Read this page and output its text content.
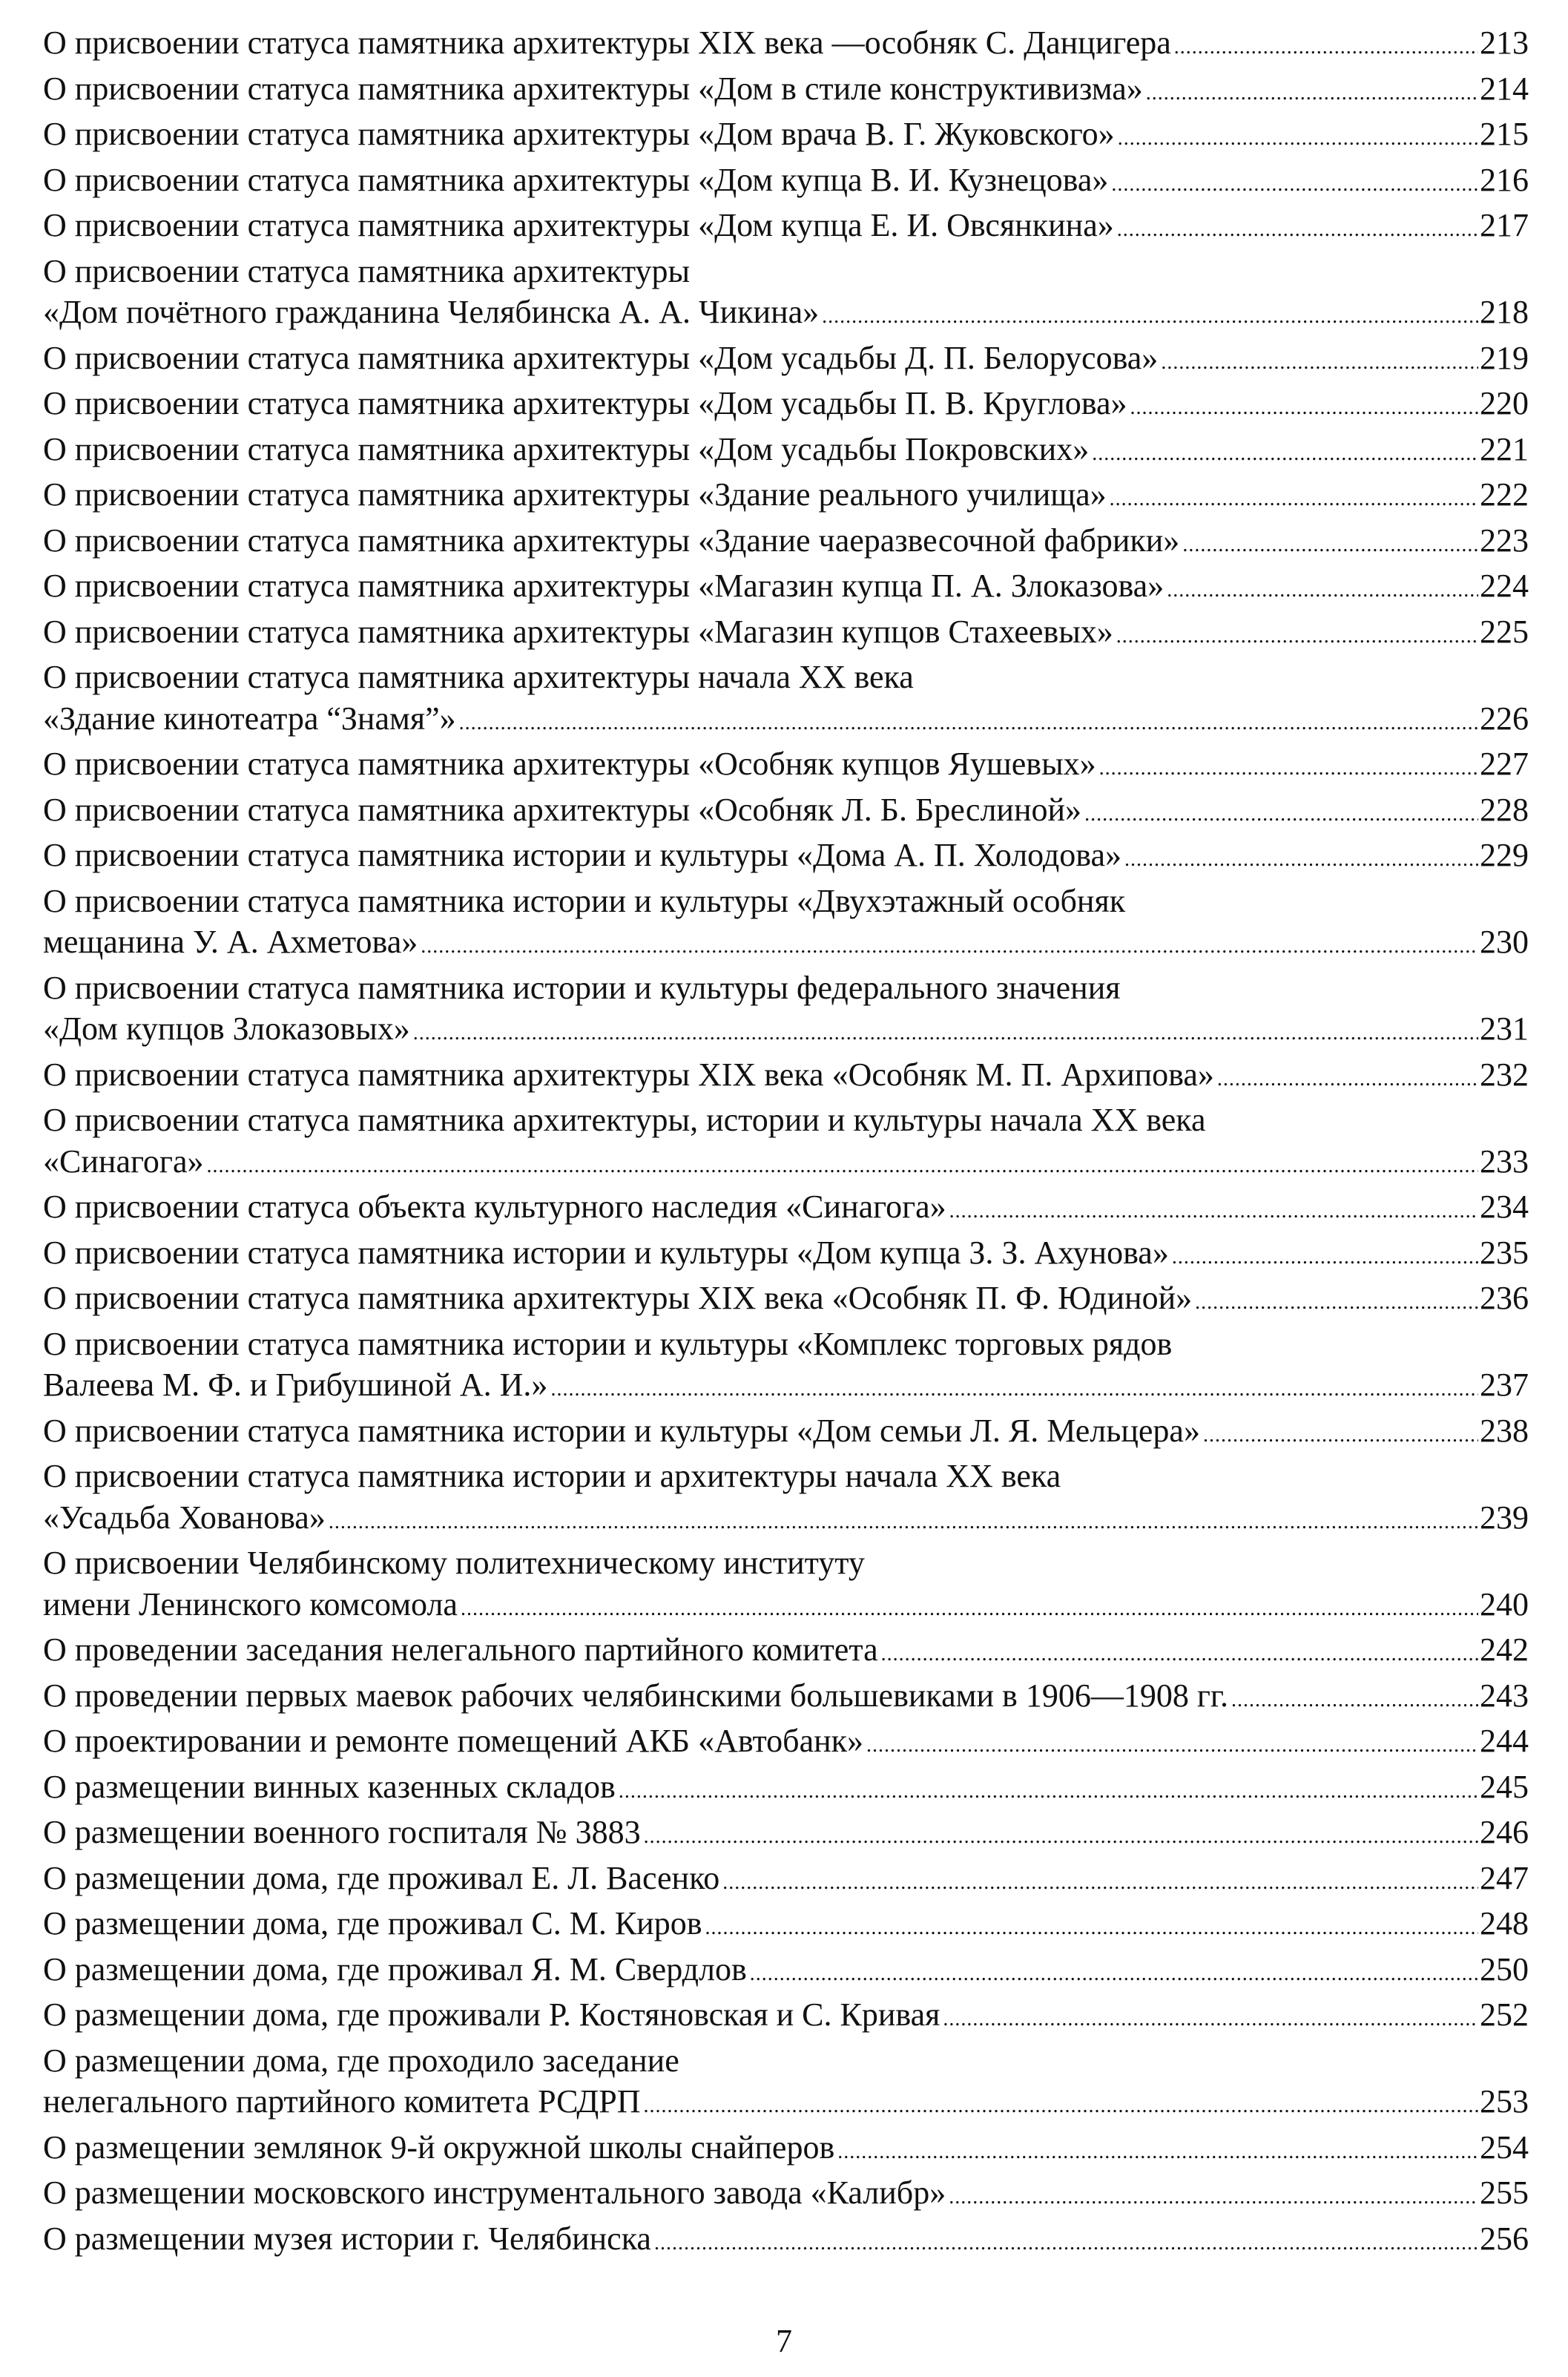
О присвоении статуса памятника архитектуры XIX века —особняк С. Данцигера .....	213
О присвоении статуса памятника архитектуры «Дом в стиле конструктивизма» .....	214
О присвоении статуса памятника архитектуры «Дом врача В. Г. Жуковского» .....	215
О присвоении статуса памятника архитектуры «Дом купца В. И. Кузнецова» .....	216
О присвоении статуса памятника архитектуры «Дом купца Е. И. Овсянкина» .....	217
О присвоении статуса памятника архитектуры
«Дом почётного гражданина Челябинска А. А. Чикина» .....	218
О присвоении статуса памятника архитектуры «Дом усадьбы Д. П. Белорусова» .....	219
О присвоении статуса памятника архитектуры «Дом усадьбы П. В. Круглова» .....	220
О присвоении статуса памятника архитектуры «Дом усадьбы Покровских» .....	221
О присвоении статуса памятника архитектуры «Здание реального училища» .....	222
О присвоении статуса памятника архитектуры «Здание чаеразвесочной фабрики» .....	223
О присвоении статуса памятника архитектуры «Магазин купца П. А. Злоказова» .....	224
О присвоении статуса памятника архитектуры «Магазин купцов Стахеевых» .....	225
О присвоении статуса памятника архитектуры начала XX века
«Здание кинотеатра “Знамя”» .....	226
О присвоении статуса памятника архитектуры «Особняк купцов Яушевых» .....	227
О присвоении статуса памятника архитектуры «Особняк Л. Б. Бреслиной» .....	228
О присвоении статуса памятника истории и культуры «Дома А. П. Холодова» .....	229
О присвоении статуса памятника истории и культуры «Двухэтажный особняк
мещанина У. А. Ахметова» .....	230
О присвоении статуса памятника истории и культуры федерального значения
«Дом купцов Злоказовых» .....	231
О присвоении статуса памятника архитектуры XIX века «Особняк М. П. Архипова» .....	232
О присвоении статуса памятника архитектуры, истории и культуры начала XX века
«Синагога» .....	233
О присвоении статуса объекта культурного наследия «Синагога» .....	234
О присвоении статуса памятника истории и культуры «Дом купца З. З. Ахунова» .....	235
О присвоении статуса памятника архитектуры XIX века «Особняк П. Ф. Юдиной» .....	236
О присвоении статуса памятника истории и культуры «Комплекс торговых рядов
Валеева М. Ф. и Грибушиной А. И.» .....	237
О присвоении статуса памятника истории и культуры «Дом семьи Л. Я. Мельцера» .....	238
О присвоении статуса памятника истории и архитектуры начала XX века
«Усадьба Хованова» .....	239
О присвоении Челябинскому политехническому институту
имени Ленинского комсомола .....	240
О проведении заседания нелегального партийного комитета .....	242
О проведении первых маевок рабочих челябинскими большевиками в 1906—1908 гг. .....	243
О проектировании и ремонте помещений АКБ «Автобанк» .....	244
О размещении винных казенных складов .....	245
О размещении военного госпиталя № 3883 .....	246
О размещении дома, где проживал Е. Л. Васенко .....	247
О размещении дома, где проживал С. М. Киров .....	248
О размещении дома, где проживал Я. М. Свердлов .....	250
О размещении дома, где проживали Р. Костяновская и С. Кривая .....	252
О размещении дома, где проходило заседание
нелегального партийного комитета РСДРП .....	253
О размещении землянок 9-й окружной школы снайперов .....	254
О размещении московского инструментального завода «Калибр» .....	255
О размещении музея истории г. Челябинска .....	256
7
